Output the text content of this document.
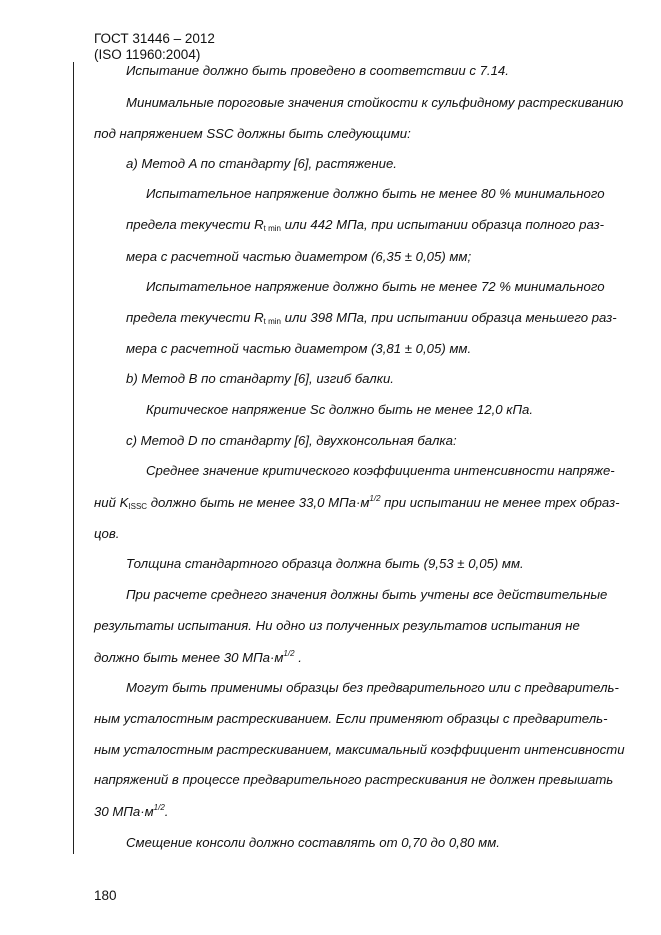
ГОСТ 31446 – 2012
(ISO 11960:2004)
Испытание должно быть проведено в соответствии с 7.14.
Минимальные пороговые значения стойкости к сульфидному растрескиванию
под напряжением SSC должны быть следующими:
а) Метод A по стандарту [6], растяжение.
Испытательное напряжение должно быть не менее 80 % минимального
предела текучести Rt min или 442 МПа, при испытании образца полного раз-
мера с расчетной частью диаметром (6,35 ± 0,05) мм;
Испытательное напряжение должно быть не менее 72 % минимального
предела текучести Rt min или 398 МПа, при испытании образца меньшего раз-
мера с расчетной частью диаметром (3,81 ± 0,05) мм.
b) Метод В по стандарту [6], изгиб балки.
Критическое напряжение Sc должно быть не менее 12,0 кПа.
c) Метод D по стандарту [6], двухконсольная балка:
Среднее значение критического коэффициента интенсивности напряже-
ний KISSC должно быть не менее 33,0 $МПа\cdot м^{1/2}$ при испытании не менее трех образ-
цов.
Толщина стандартного образца должна быть (9,53 ± 0,05) мм.
При расчете среднего значения должны быть учтены все действительные
результаты испытания. Ни одно из полученных результатов испытания не
должно быть менее 30 $МПа\cdot м^{1/2}$ .
Могут быть применимы образцы без предварительного или с предваритель-
ным усталостным растрескиванием. Если применяют образцы с предваритель-
ным усталостным растрескиванием, максимальный коэффициент интенсивности
напряжений в процессе предварительного растрескивания не должен превышать
30 $МПа\cdot м^{1/2}$.
Смещение консоли должно составлять от 0,70 до 0,80 мм.
180
